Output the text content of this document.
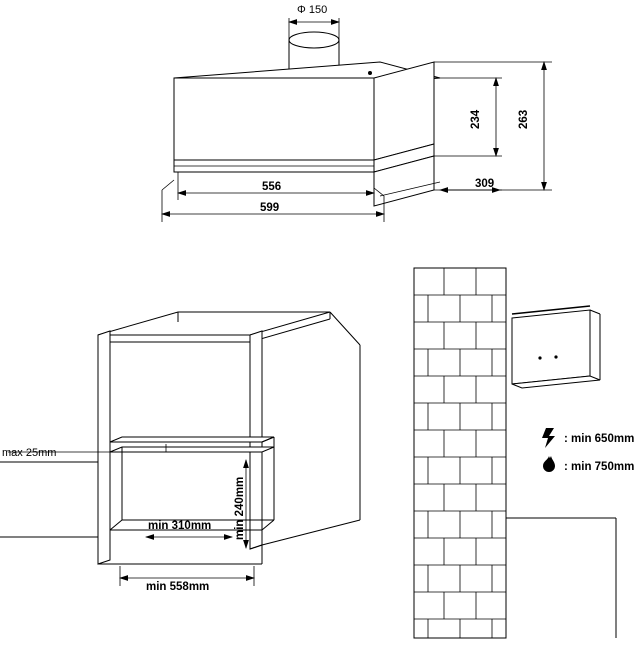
Φ 150
556
599
234	263
309
max 25mm
min 310mm min 240mm
min 558mm
: min 650mm
: min 750mm
